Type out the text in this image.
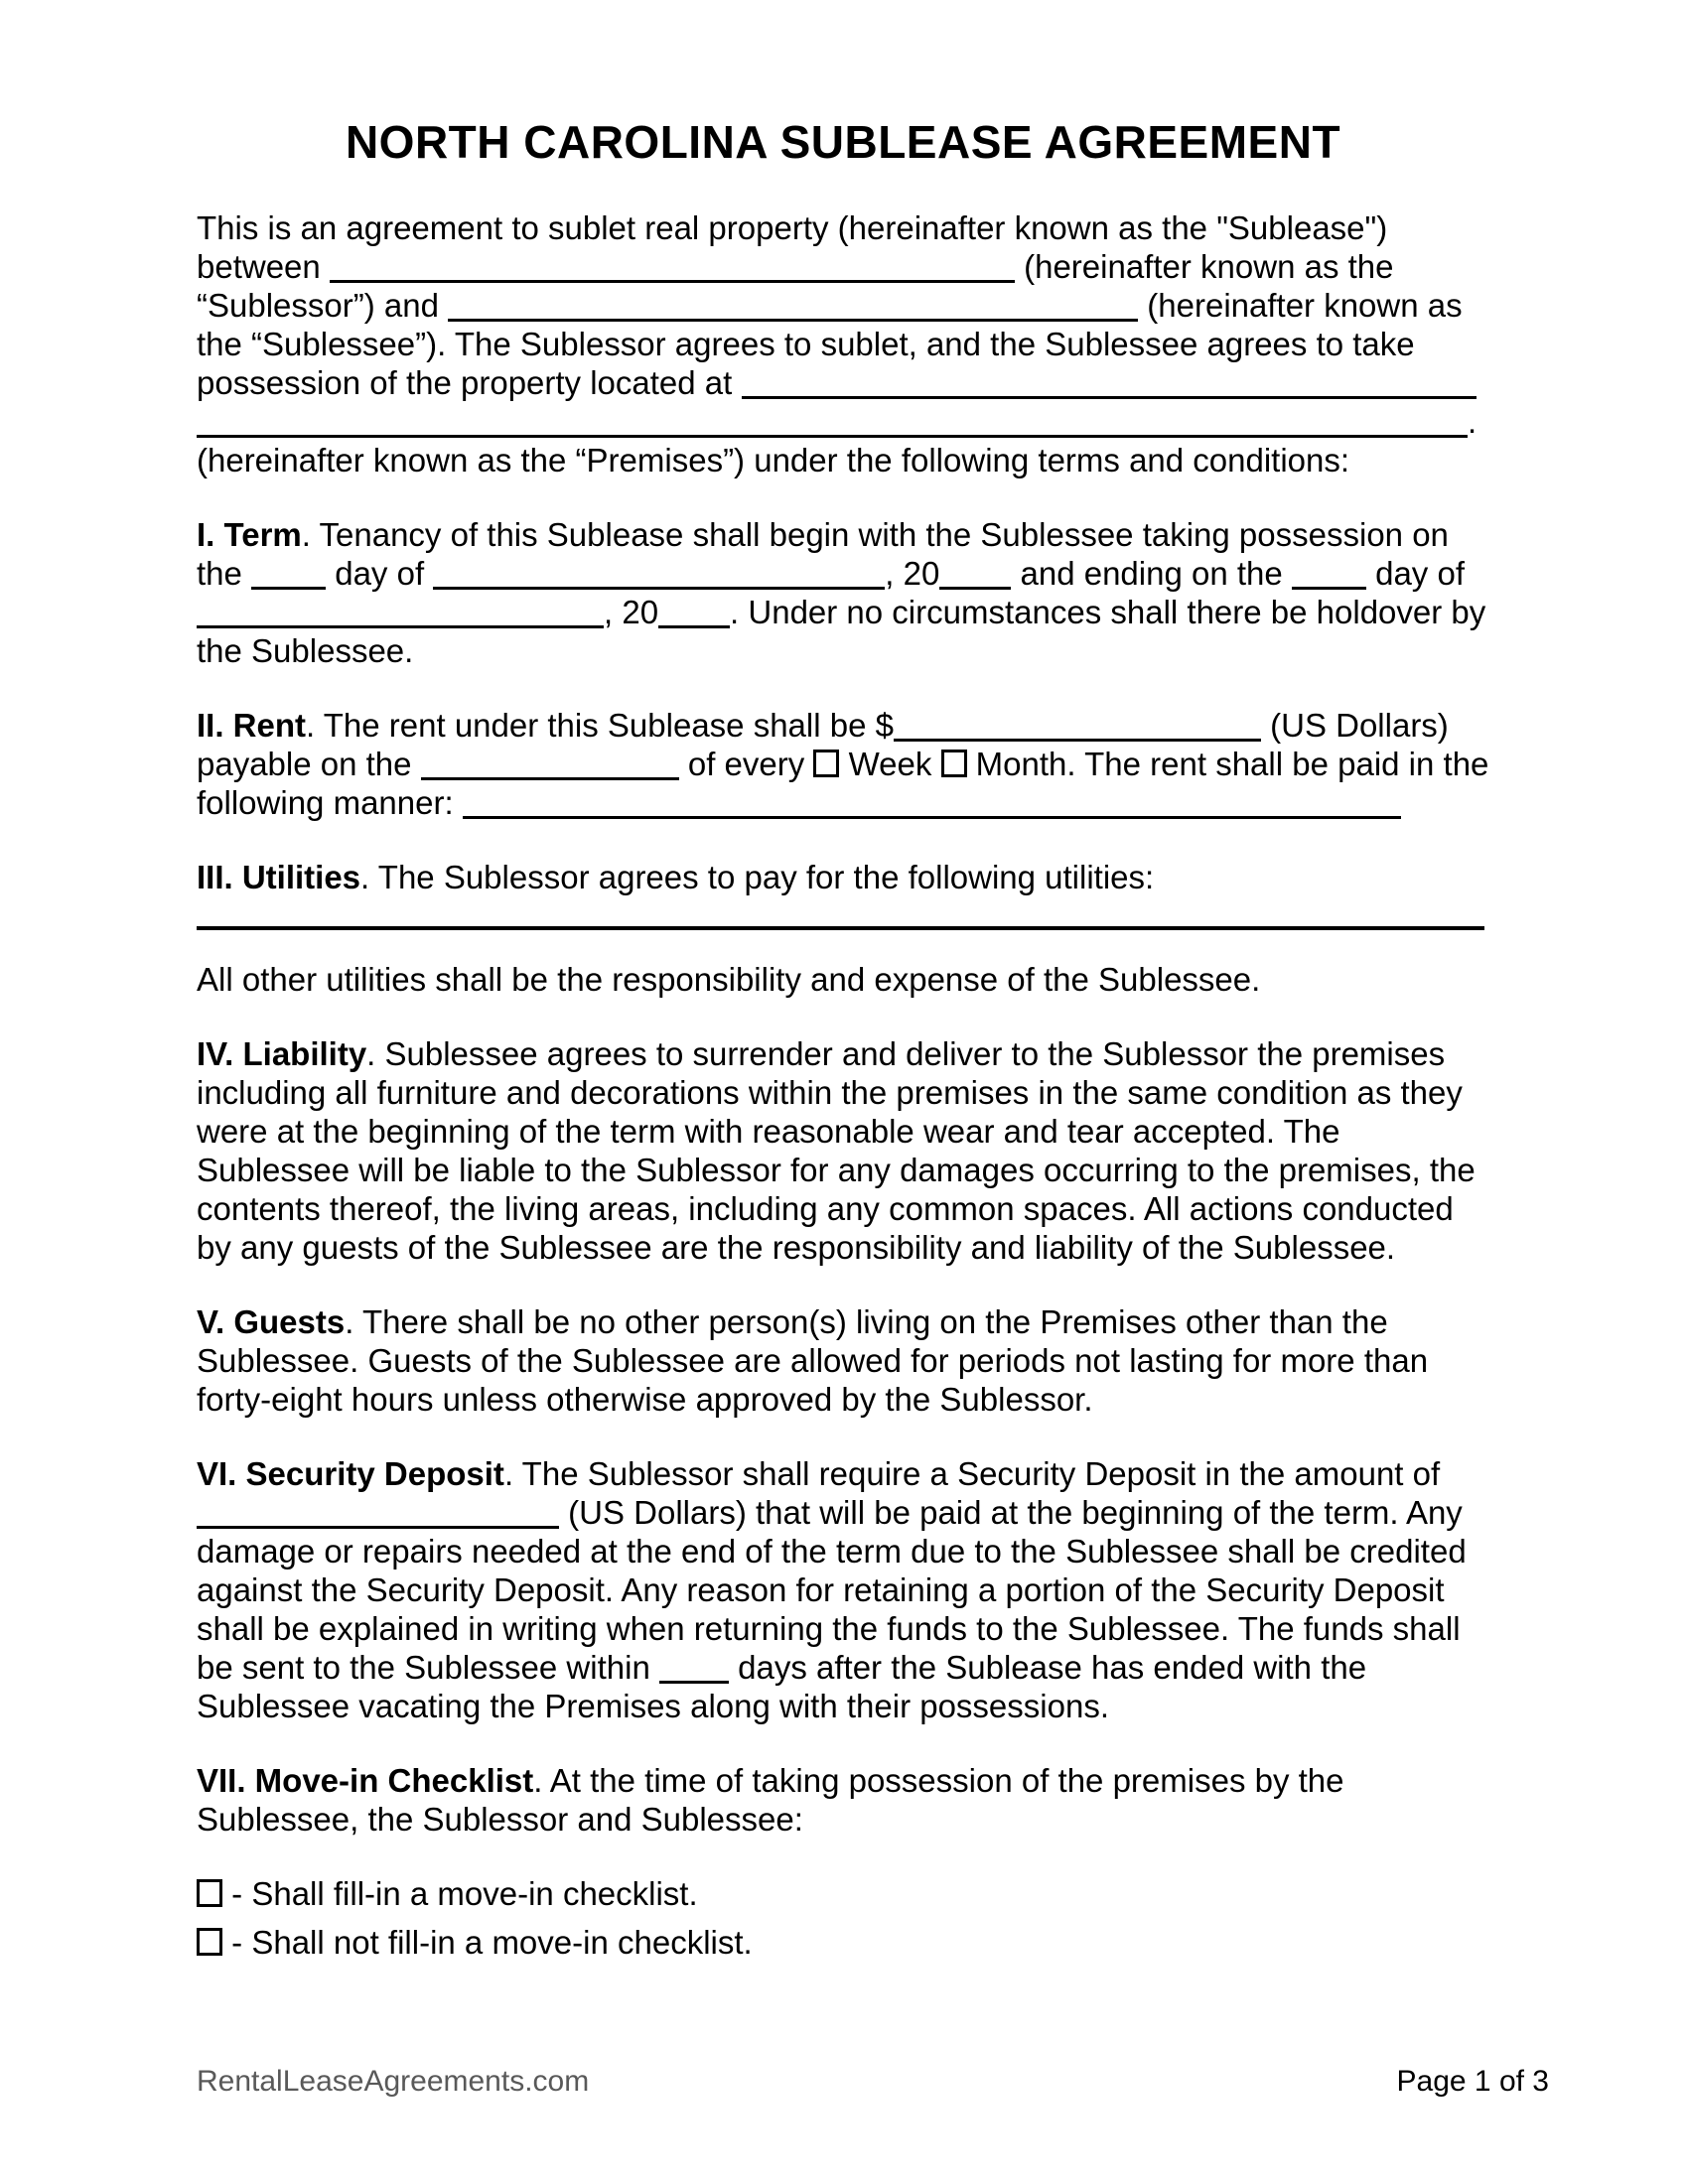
NORTH CAROLINA SUBLEASE AGREEMENT

This is an agreement to sublet real property (hereinafter known as the "Sublease") between	(hereinafter known as the “Sublessor”) and	(hereinafter known as the “Sublessee”). The Sublessor agrees to sublet, and the Sublessee agrees to take possession of the property located at . (hereinafter known as the “Premises”) under the following terms and conditions:

I. Term. Tenancy of this Sublease shall begin with the Sublessee taking possession on the  day of	, 20 and ending on the  day of , 20 . Under no circumstances shall there be holdover by the Sublessee.

II. Rent. The rent under this Sublease shall be $	(US Dollars) payable on the	of every  Week  Month. The rent shall be paid in the following manner:

III. Utilities. The Sublessor agrees to pay for the following utilities:

All other utilities shall be the responsibility and expense of the Sublessee.

IV. Liability. Sublessee agrees to surrender and deliver to the Sublessor the premises including all furniture and decorations within the premises in the same condition as they were at the beginning of the term with reasonable wear and tear accepted. The Sublessee will be liable to the Sublessor for any damages occurring to the premises, the contents thereof, the living areas, including any common spaces. All actions conducted by any guests of the Sublessee are the responsibility and liability of the Sublessee.

V. Guests. There shall be no other person(s) living on the Premises other than the Sublessee. Guests of the Sublessee are allowed for periods not lasting for more than forty-eight hours unless otherwise approved by the Sublessor.

VI. Security Deposit. The Sublessor shall require a Security Deposit in the amount of
(US Dollars) that will be paid at the beginning of the term. Any damage or repairs needed at the end of the term due to the Sublessee shall be credited against the Security Deposit. Any reason for retaining a portion of the Security Deposit shall be explained in writing when returning the funds to the Sublessee. The funds shall be sent to the Sublessee within  days after the Sublease has ended with the Sublessee vacating the Premises along with their possessions.

VII. Move-in Checklist. At the time of taking possession of the premises by the Sublessee, the Sublessor and Sublessee:

- Shall fill-in a move-in checklist.

- Shall not fill-in a move-in checklist.

RentalLeaseAgreements.com	Page 1 of 3
